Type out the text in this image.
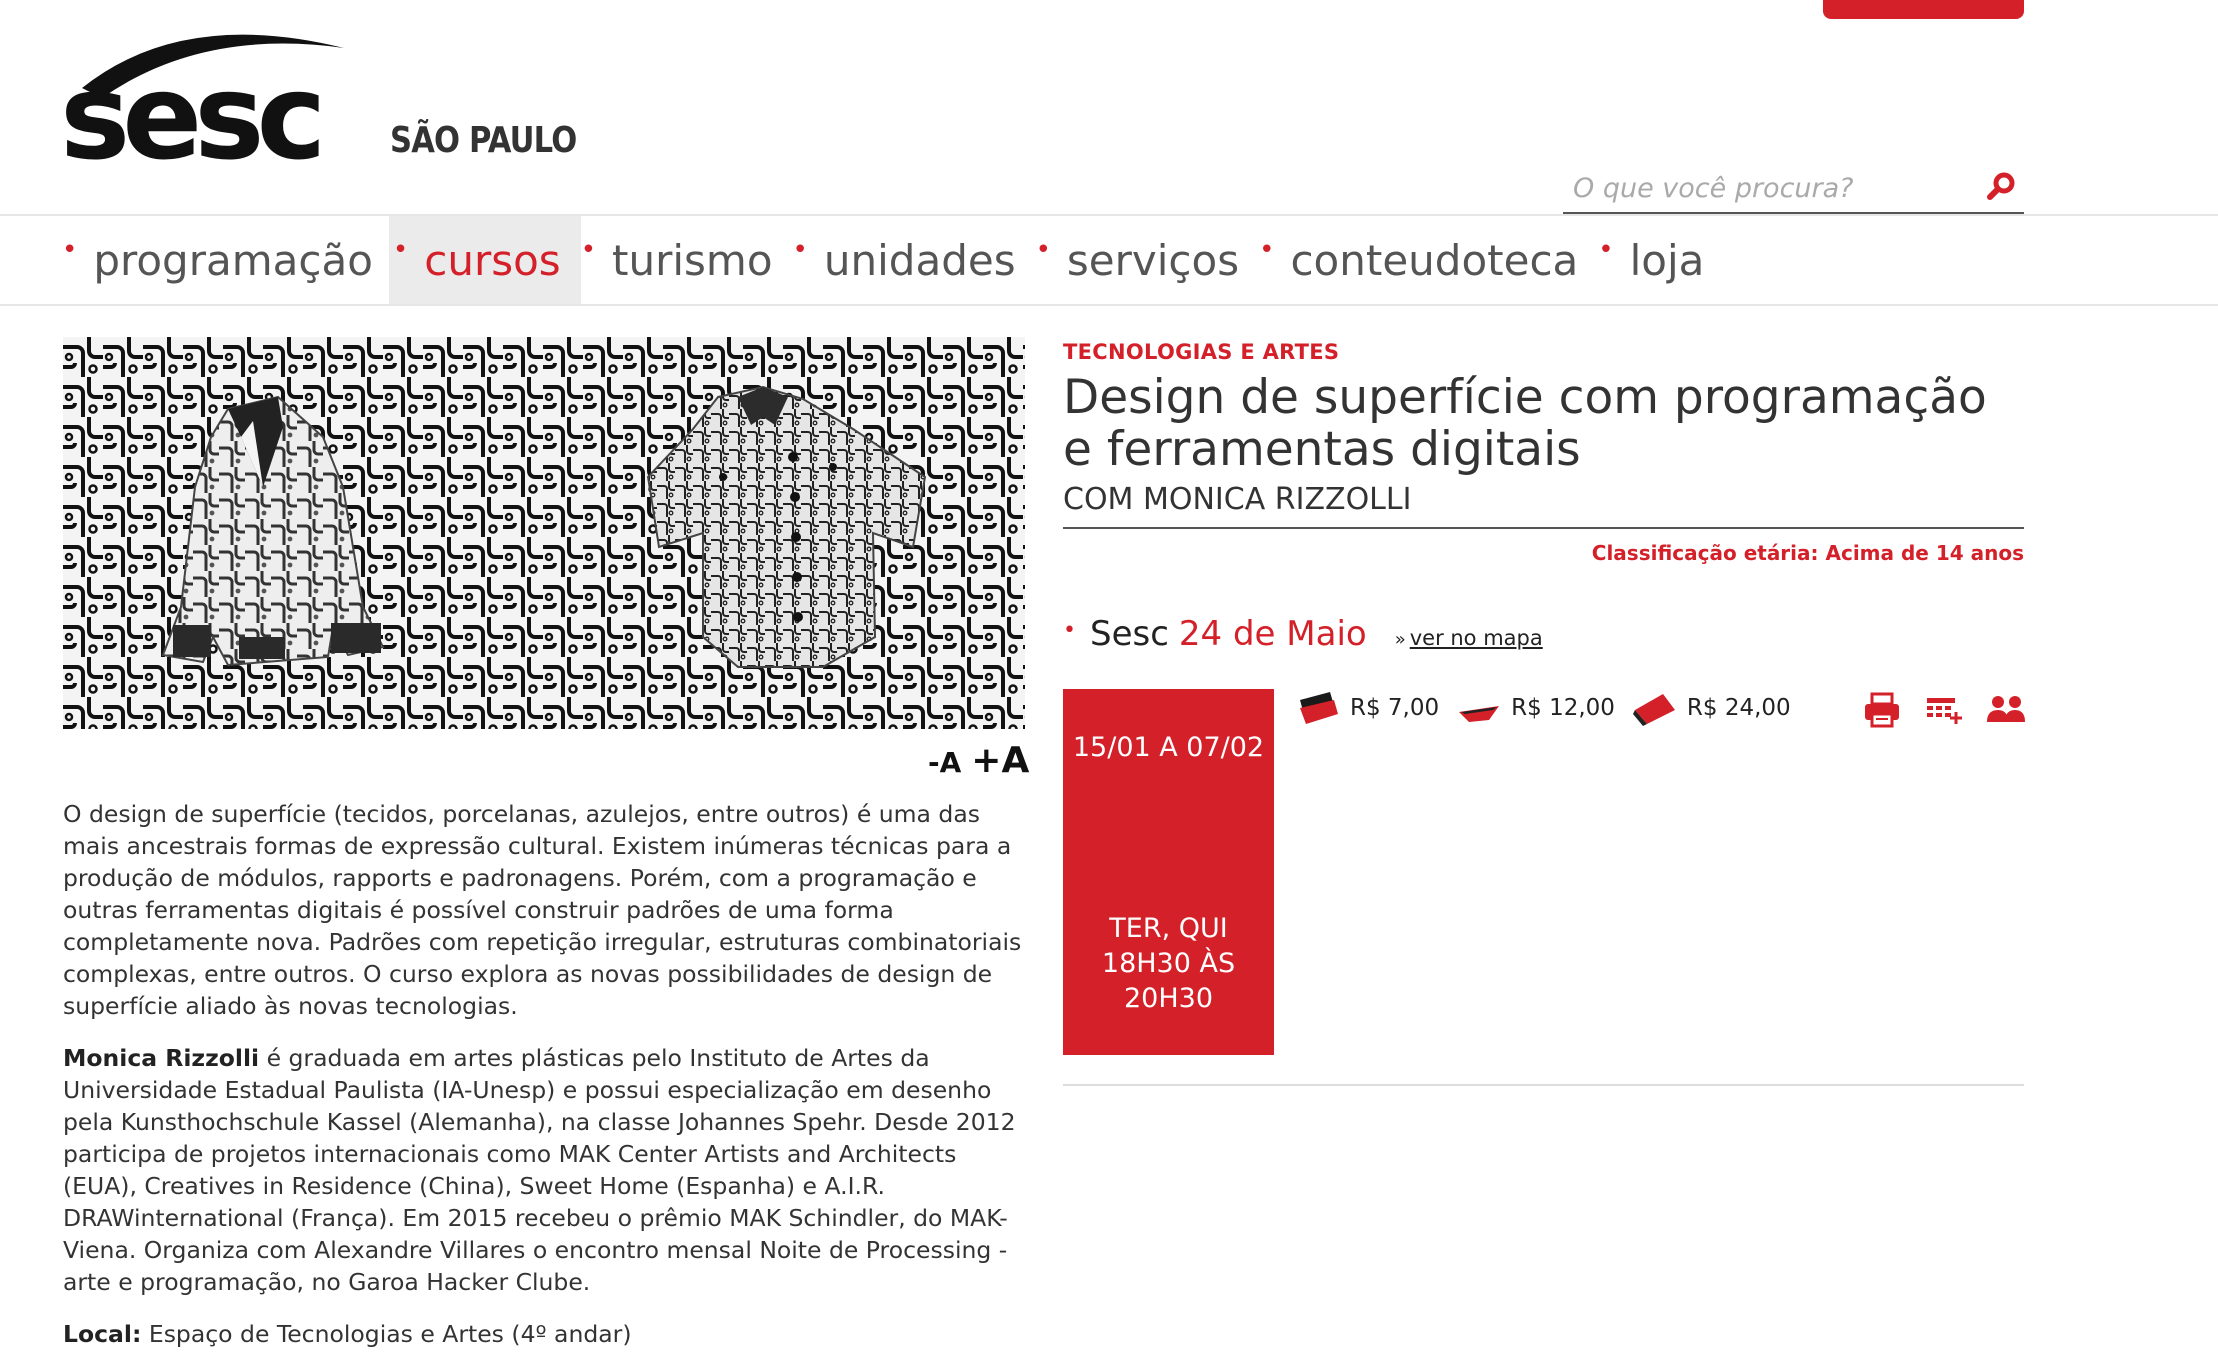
sesc SÃO PAULO
O que você procura?
• programação • cursos • turismo • unidades • serviços • conteudoteca • loja
-A +A

O design de superfície (tecidos, porcelanas, azulejos, entre outros) é uma das mais ancestrais formas de expressão cultural. Existem inúmeras técnicas para a produção de módulos, rapports e padronagens. Porém, com a programação e outras ferramentas digitais é possível construir padrões de uma forma completamente nova. Padrões com repetição irregular, estruturas combinatoriais complexas, entre outros. O curso explora as novas possibilidades de design de superfície aliado às novas tecnologias.

Monica Rizzolli é graduada em artes plásticas pelo Instituto de Artes da Universidade Estadual Paulista (IA-Unesp) e possui especialização em desenho pela Kunsthochschule Kassel (Alemanha), na classe Johannes Spehr. Desde 2012 participa de projetos internacionais como MAK Center Artists and Architects (EUA), Creatives in Residence (China), Sweet Home (Espanha) e A.I.R. DRAWinternational (França). Em 2015 recebeu o prêmio MAK Schindler, do MAK-Viena. Organiza com Alexandre Villares o encontro mensal Noite de Processing - arte e programação, no Garoa Hacker Clube.

Local: Espaço de Tecnologias e Artes (4º andar)

TECNOLOGIAS E ARTES
Design de superfície com programação e ferramentas digitais
COM MONICA RIZZOLLI
Classificação etária: Acima de 14 anos
• Sesc 24 de Maio » ver no mapa
15/01 A 07/02
TER, QUI
18H30 ÀS 20H30
R$ 7,00	R$ 12,00	R$ 24,00
